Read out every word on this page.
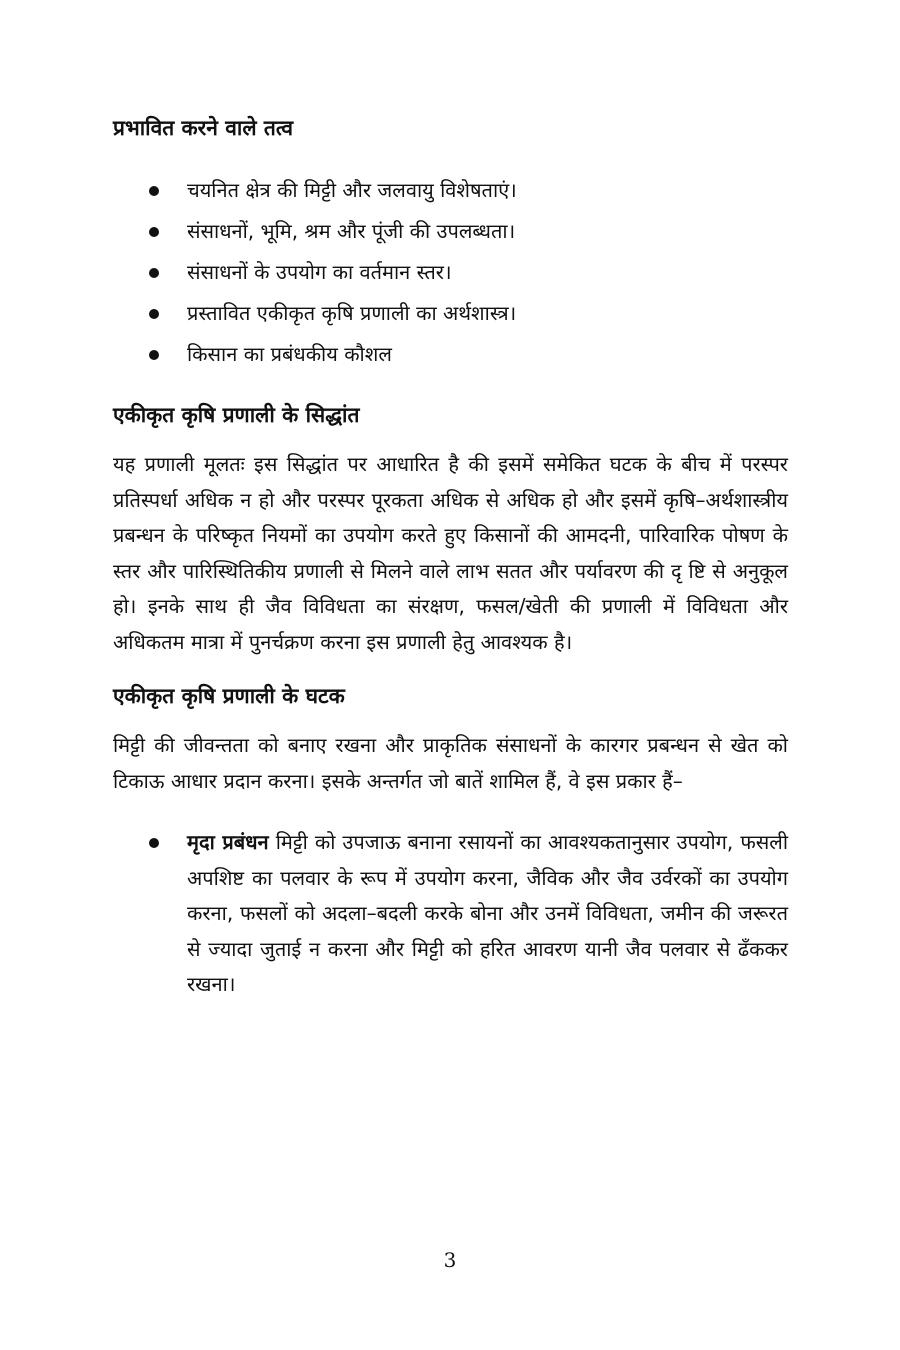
प्रभावित करने वाले तत्व
चयनित क्षेत्र की मिट्टी और जलवायु विशेषताएं।
संसाधनों, भूमि, श्रम और पूंजी की उपलब्धता।
संसाधनों के उपयोग का वर्तमान स्तर।
प्रस्तावित एकीकृत कृषि प्रणाली का अर्थशास्त्र।
किसान का प्रबंधकीय कौशल
एकीकृत कृषि प्रणाली के सिद्धांत

यह प्रणाली मूलतः इस सिद्धांत पर आधारित है की इसमें समेकित घटक के बीच में परस्पर प्रतिस्पर्धा अधिक न हो और परस्पर पूरकता अधिक से अधिक हो और इसमें कृषि–अर्थशास्त्रीय प्रबन्धन के परिष्कृत नियमों का उपयोग करते हुए किसानों की आमदनी, पारिवारिक पोषण के स्तर और पारिस्थितिकीय प्रणाली से मिलने वाले लाभ सतत और पर्यावरण की दृ ष्टि से अनुकूल हो। इनके साथ ही जैव विविधता का संरक्षण, फसल/खेती की प्रणाली में विविधता और अधिकतम मात्रा में पुनर्चक्रण करना इस प्रणाली हेतु आवश्यक है।

एकीकृत कृषि प्रणाली के घटक

मिट्टी की जीवन्तता को बनाए रखना और प्राकृतिक संसाधनों के कारगर प्रबन्धन से खेत को टिकाऊ आधार प्रदान करना। इसके अन्तर्गत जो बातें शामिल हैं, वे इस प्रकार हैं–

मृदा प्रबंधन मिट्टी को उपजाऊ बनाना रसायनों का आवश्यकतानुसार उपयोग, फसली अपशिष्ट का पलवार के रूप में उपयोग करना, जैविक और जैव उर्वरकों का उपयोग करना, फसलों को अदला–बदली करके बोना और उनमें विविधता, जमीन की जरूरत से ज्यादा जुताई न करना और मिट्टी को हरित आवरण यानी जैव पलवार से ढँककर रखना।
3
